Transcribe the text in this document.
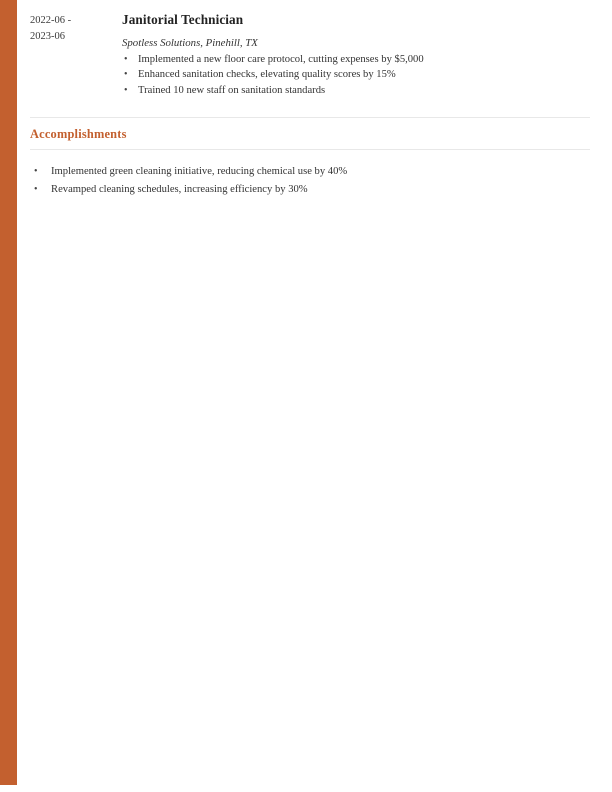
2022-06 -
2023-06
Janitorial Technician
Spotless Solutions, Pinehill, TX
• Implemented a new floor care protocol, cutting expenses by $5,000
• Enhanced sanitation checks, elevating quality scores by 15%
• Trained 10 new staff on sanitation standards
Accomplishments
• Implemented green cleaning initiative, reducing chemical use by 40%
• Revamped cleaning schedules, increasing efficiency by 30%
